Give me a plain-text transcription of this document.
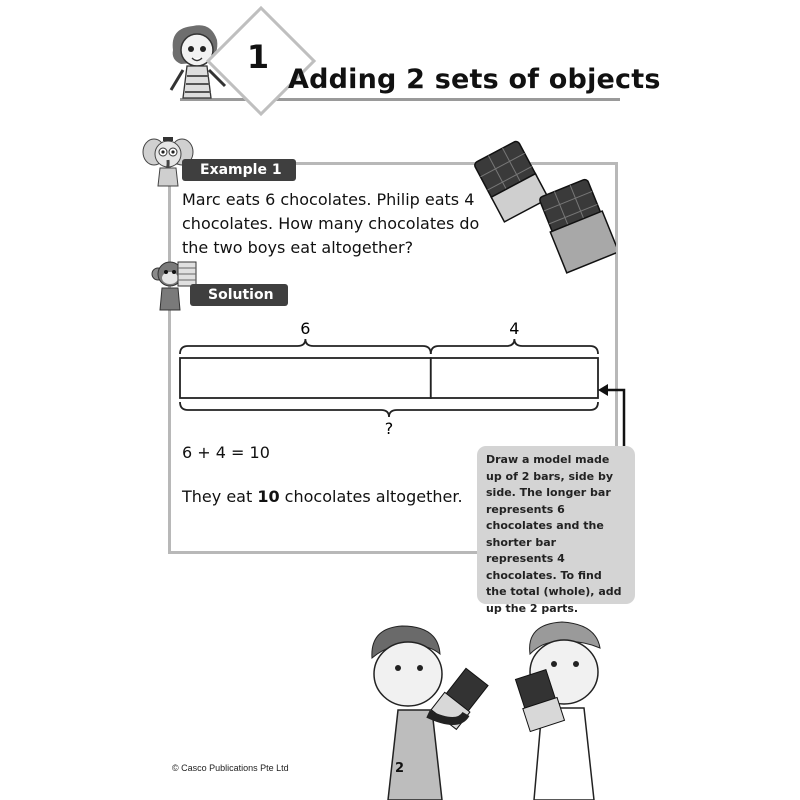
1
Adding 2 sets of objects
Example 1
Marc eats 6 chocolates. Philip eats 4 chocolates. How many chocolates do the two boys eat altogether?
Solution
6	4
?
6 + 4 = 10
They eat 10 chocolates altogether.
Draw a model made up of 2 bars, side by side. The longer bar represents 6 chocolates and the shorter bar represents 4 chocolates. To find the total (whole), add up the 2 parts.
© Casco Publications Pte Ltd	2
